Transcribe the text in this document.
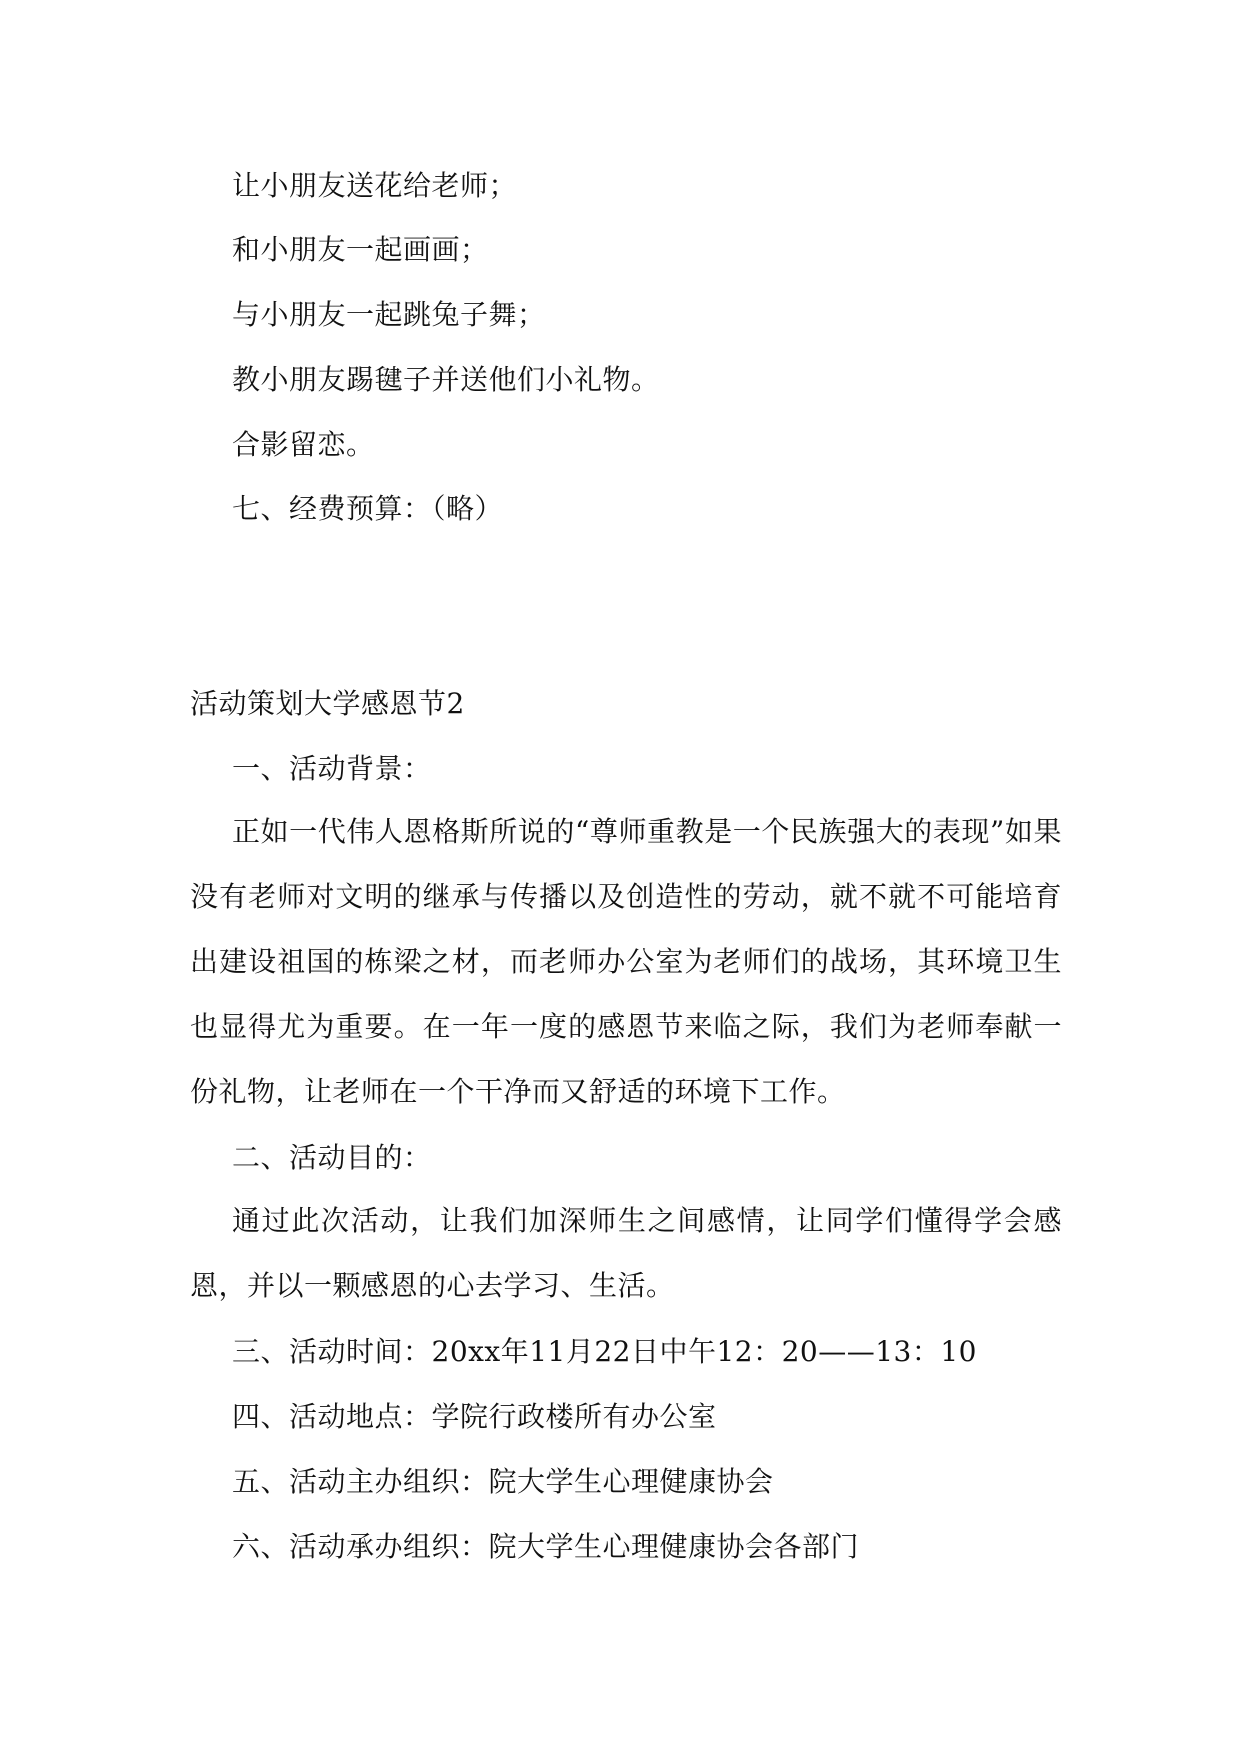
让小朋友送花给老师；
和小朋友一起画画；
与小朋友一起跳兔子舞；
教小朋友踢毽子并送他们小礼物。
合影留恋。
七、经费预算：（略）
活动策划大学感恩节2
一、活动背景：

正如一代伟人恩格斯所说的“尊师重教是一个民族强大的表现”如果没有老师对文明的继承与传播以及创造性的劳动，就不就不可能培育出建设祖国的栋梁之材，而老师办公室为老师们的战场，其环境卫生也显得尤为重要。在一年一度的感恩节来临之际，我们为老师奉献一份礼物，让老师在一个干净而又舒适的环境下工作。

二、活动目的：

通过此次活动，让我们加深师生之间感情，让同学们懂得学会感恩，并以一颗感恩的心去学习、生活。

三、活动时间：20xx年11月22日中午12：20——13：10
四、活动地点：学院行政楼所有办公室
五、活动主办组织：院大学生心理健康协会
六、活动承办组织：院大学生心理健康协会各部门
